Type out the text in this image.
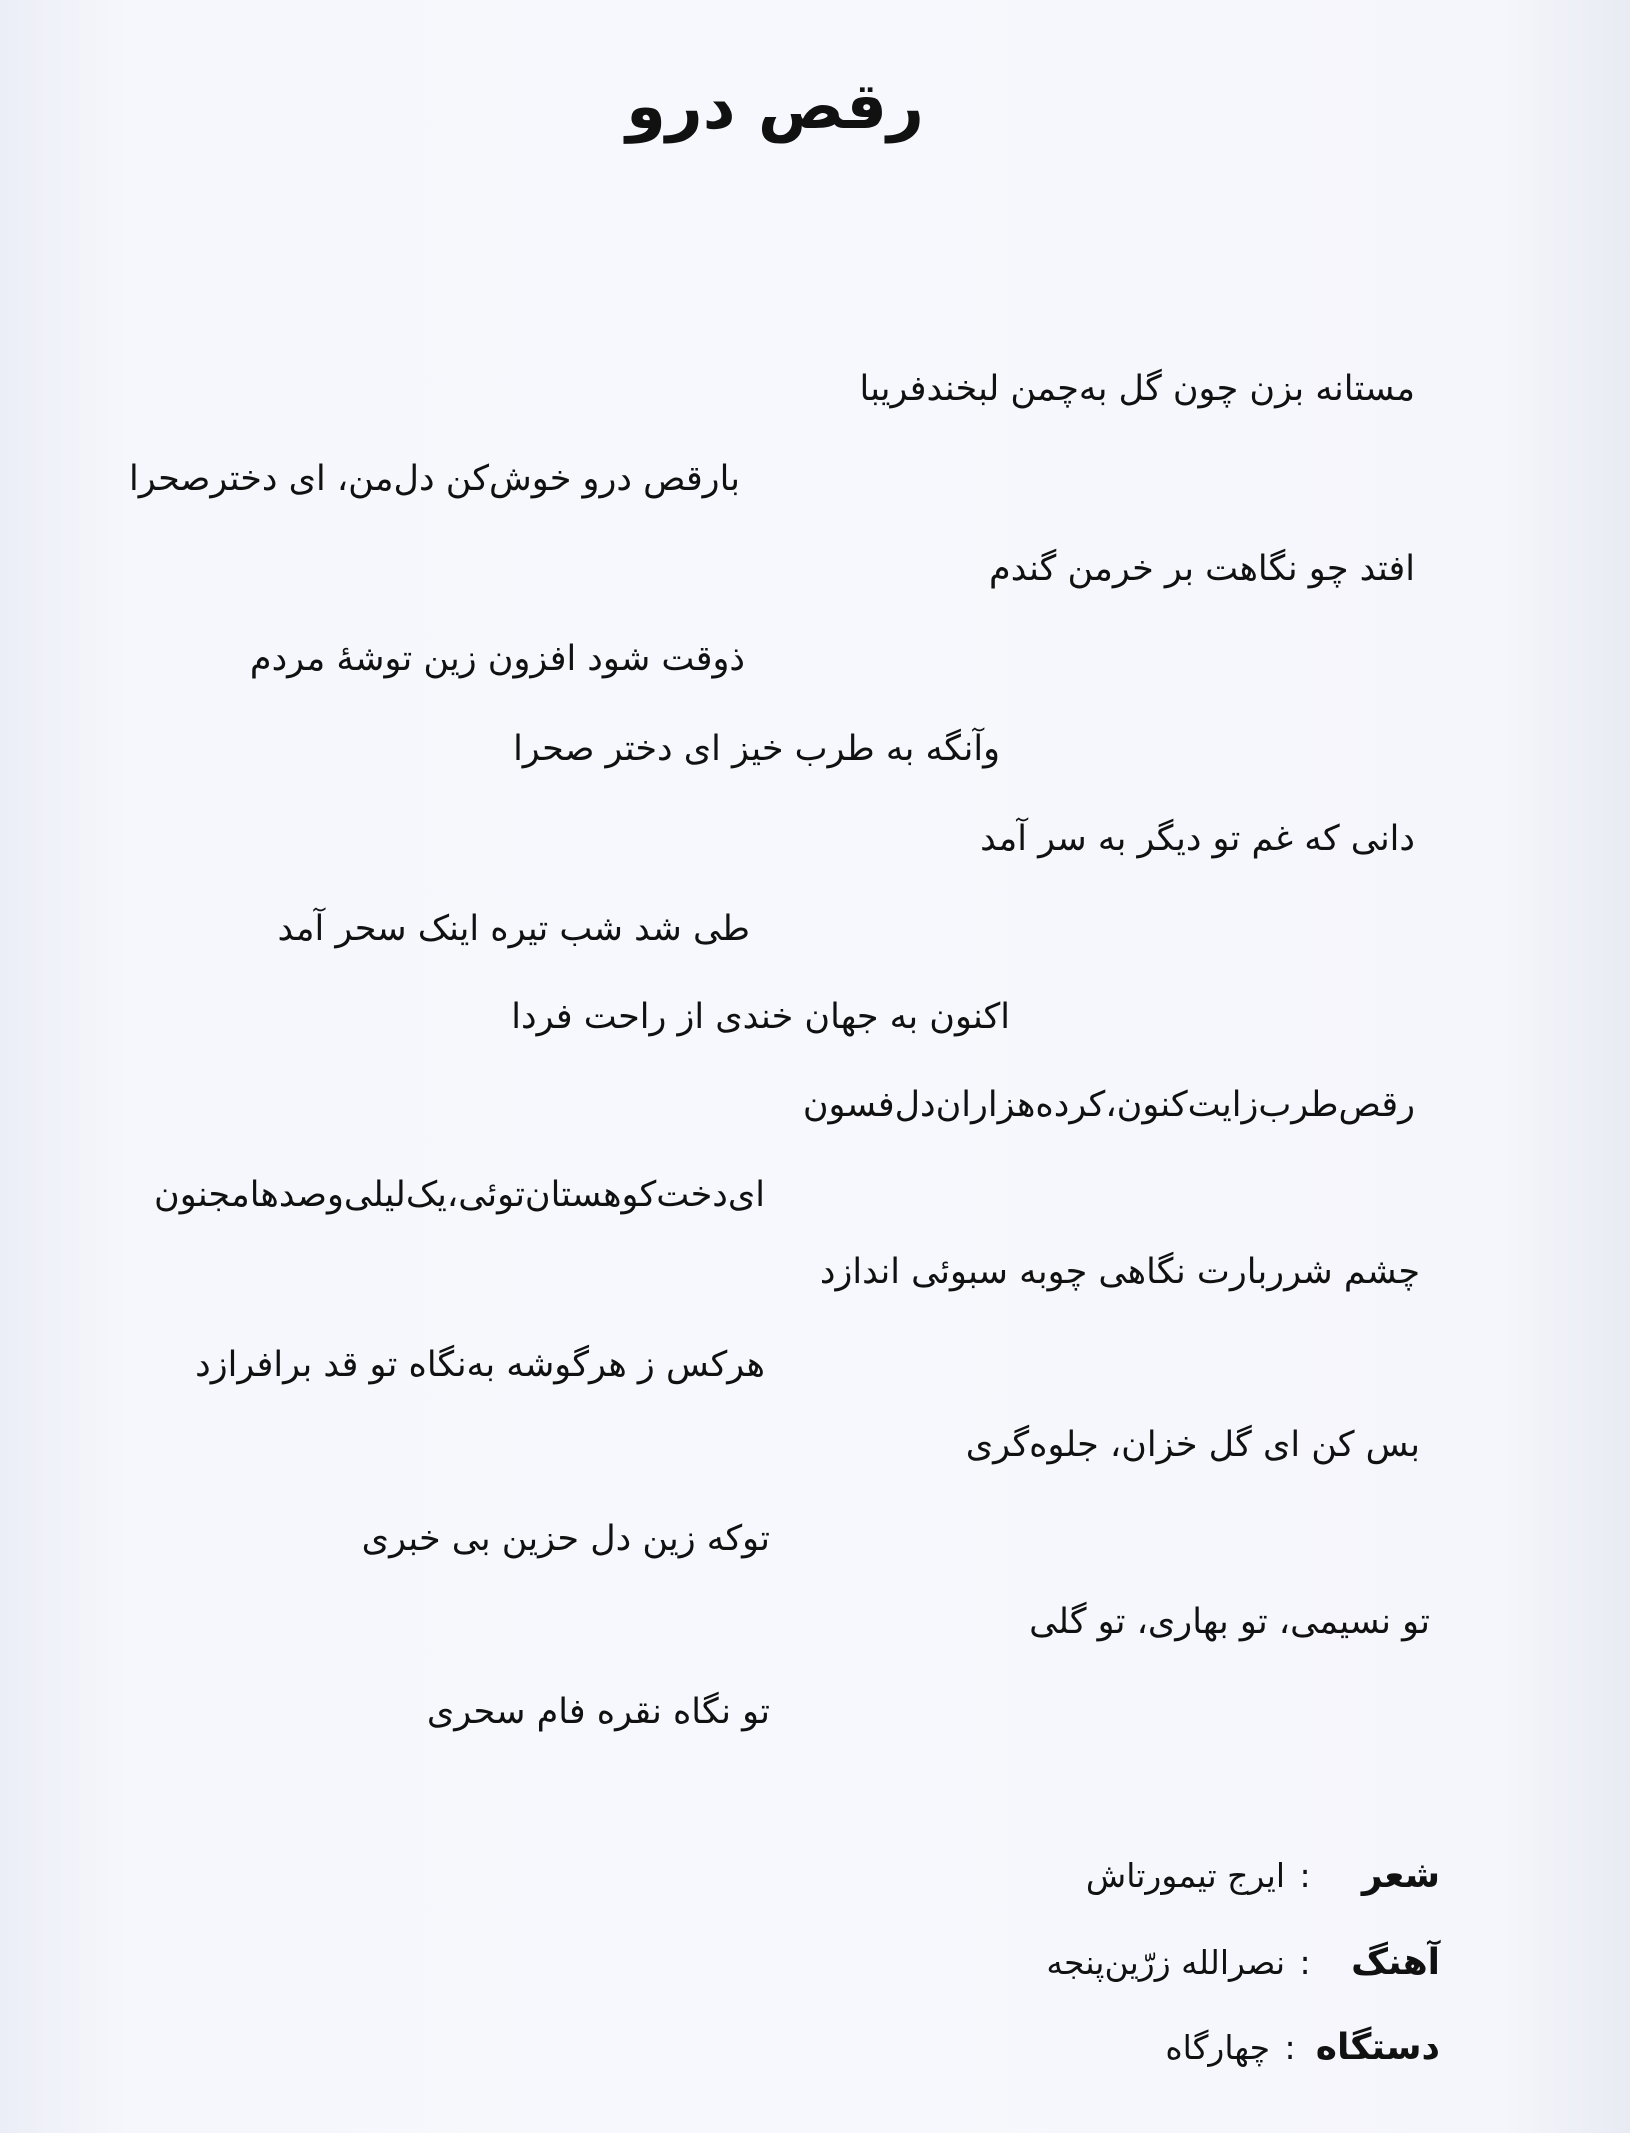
رقص درو
مستانه بزن چون گل به‌چمن لبخندفریبا
بارقص درو خوش‌کن دل‌من، ای دخترصحرا
افتد چو نگاهت بر خرمن گندم
ذوقت شود افزون زین توشهٔ مردم
وآنگه به طرب خیز ای دختر صحرا
دانی که غم تو دیگر به سر آمد
طی شد شب تیره اینک سحر آمد
اکنون به جهان خندی از راحت فردا
رقص‌طرب‌زایت‌کنون،کرده‌هزاران‌دل‌فسون
ای‌دخت‌کوهستان‌توئی،یک‌لیلی‌وصدهامجنون
چشم شرربارت نگاهی چوبه سبوئی اندازد
هرکس ز هرگوشه به‌نگاه تو قد برافرازد
بس کن ای گل خزان، جلوه‌گری
توکه زین دل حزین بی خبری
تو نسیمی، تو بهاری، تو گلی
تو نگاه نقره فام سحری
شعر:ایرج تیمورتاش
آهنگ:نصرالله زرّین‌پنجه
دستگاه:چهارگاه
